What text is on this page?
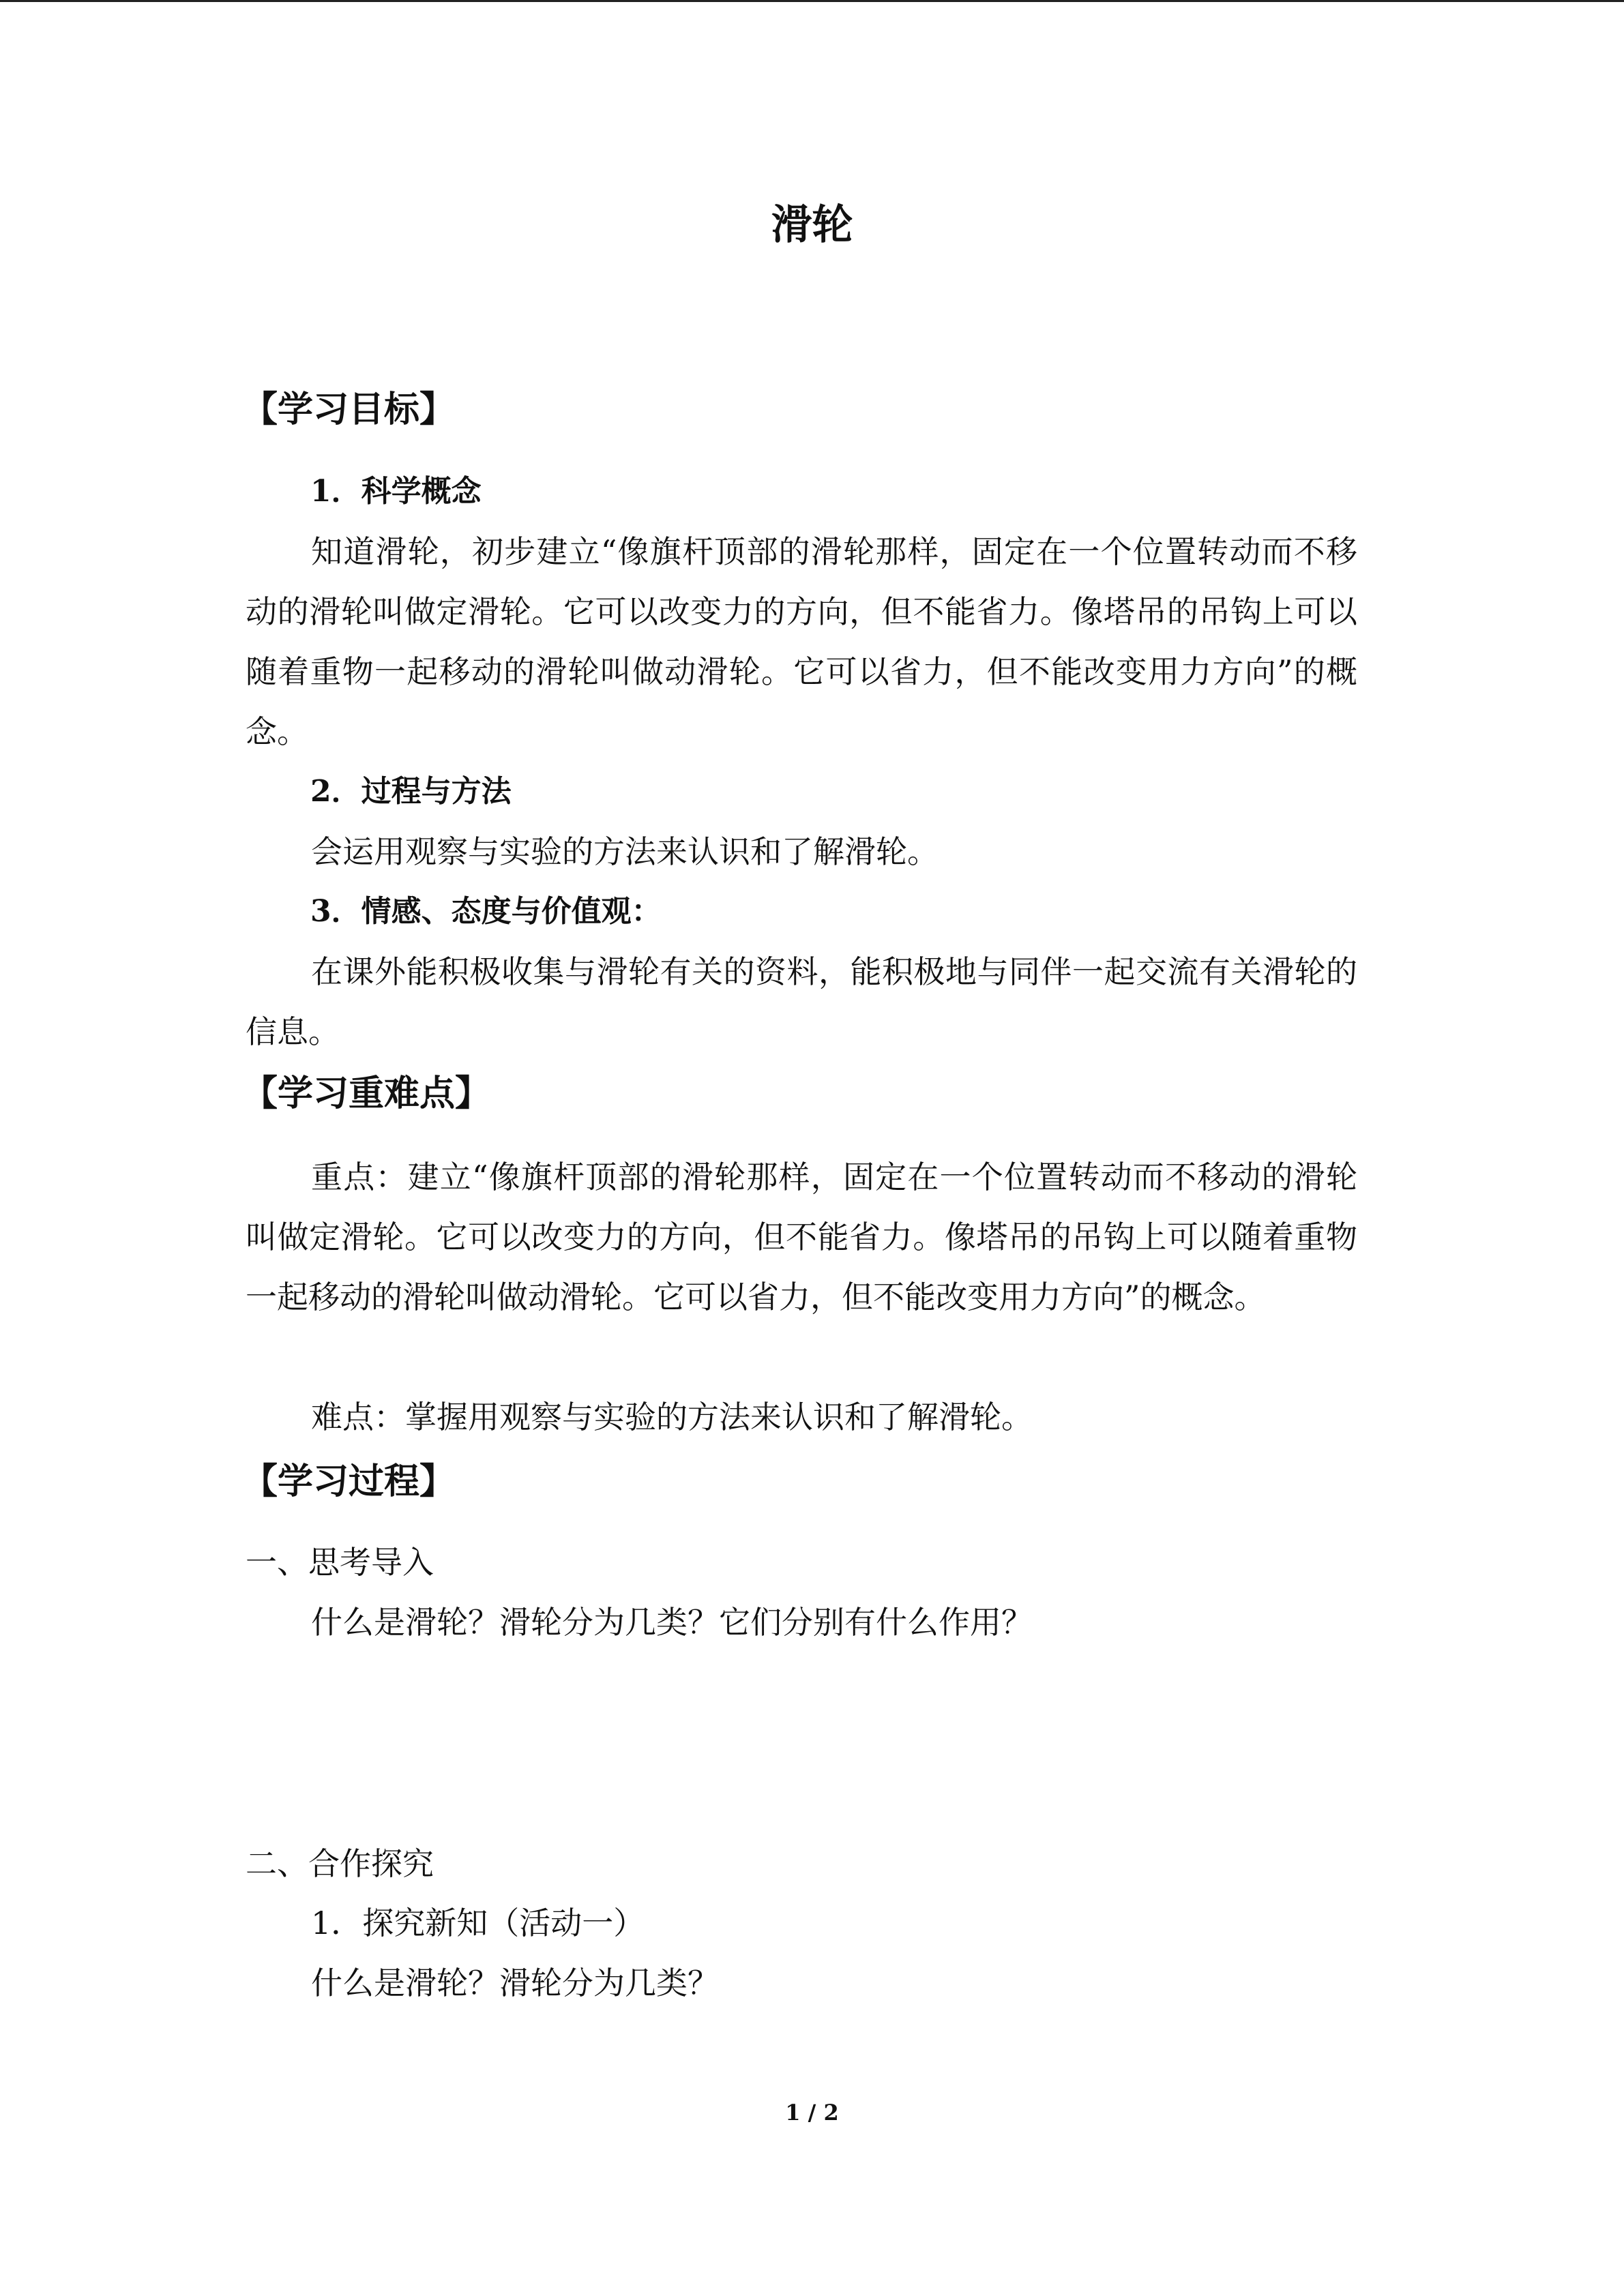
滑轮
【学习目标】
1．科学概念

知道滑轮，初步建立“像旗杆顶部的滑轮那样，固定在一个位置转动而不移动的滑轮叫做定滑轮。它可以改变力的方向，但不能省力。像塔吊的吊钩上可以随着重物一起移动的滑轮叫做动滑轮。它可以省力，但不能改变用力方向”的概念。

2．过程与方法

会运用观察与实验的方法来认识和了解滑轮。

3．情感、态度与价值观：

在课外能积极收集与滑轮有关的资料，能积极地与同伴一起交流有关滑轮的信息。

【学习重难点】

重点：建立“像旗杆顶部的滑轮那样，固定在一个位置转动而不移动的滑轮叫做定滑轮。它可以改变力的方向，但不能省力。像塔吊的吊钩上可以随着重物一起移动的滑轮叫做动滑轮。它可以省力，但不能改变用力方向”的概念。

难点：掌握用观察与实验的方法来认识和了解滑轮。

【学习过程】
一、思考导入
什么是滑轮？滑轮分为几类？它们分别有什么作用？
二、合作探究
1．探究新知（活动一）
什么是滑轮？滑轮分为几类？
1 / 2
